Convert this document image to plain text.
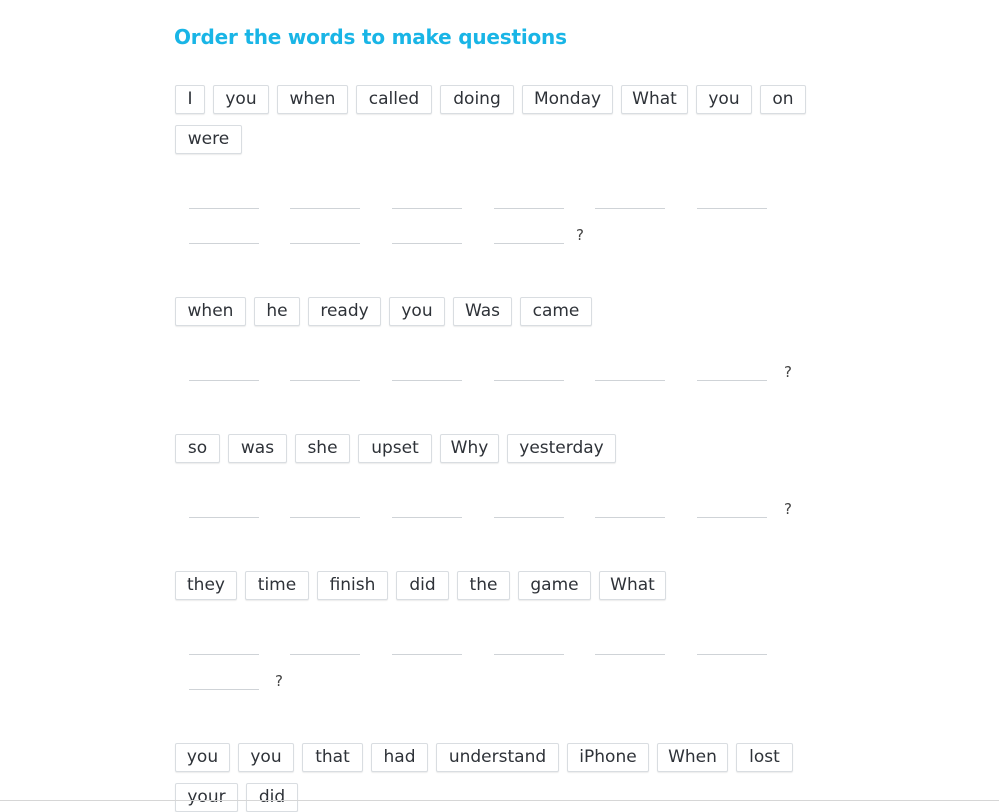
Order the words to make questions
I	you	when	called	doing	Monday	What	you	on
were
?
when	he	ready	you	Was	came
?
so	was	she	upset	Why	yesterday
?
they	time	finish	did	the	game	What
?
you	you	that	had	understand	iPhone	When	lost
your	did
